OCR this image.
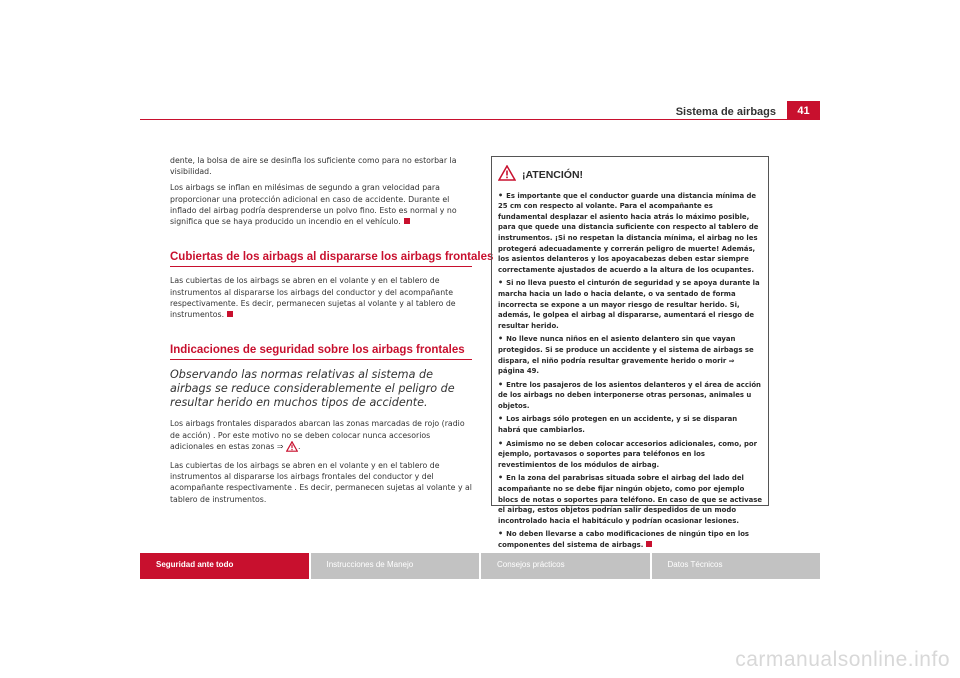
Sistema de airbags	41

dente, la bolsa de aire se desinfla los suficiente como para no estorbar la visibilidad.

Los airbags se inflan en milésimas de segundo a gran velocidad para proporcionar una protección adicional en caso de accidente. Durante el inflado del airbag podría desprenderse un polvo fino. Esto es normal y no significa que se haya producido un incendio en el vehículo.

Cubiertas de los airbags al dispararse los airbags frontales

Las cubiertas de los airbags se abren en el volante y en el tablero de instrumentos al dispararse los airbags del conductor y del acompañante respectivamente. Es decir, permanecen sujetas al volante y al tablero de instrumentos.

Indicaciones de seguridad sobre los airbags frontales
Observando las normas relativas al sistema de airbags se reduce considerablemente el peligro de resultar herido en muchos tipos de accidente.

Los airbags frontales disparados abarcan las zonas marcadas de rojo (radio de acción) . Por este motivo no se deben colocar nunca accesorios adicionales en estas zonas ⇒ .

Las cubiertas de los airbags se abren en el volante y en el tablero de instrumentos al dispararse los airbags frontales del conductor y del acompañante respectivamente . Es decir, permanecen sujetas al volante y al tablero de instrumentos.

¡ATENCIÓN!
• Es importante que el conductor guarde una distancia mínima de 25 cm con respecto al volante. Para el acompañante es fundamental desplazar el asiento hacia atrás lo máximo posible, para que quede una distancia suficiente con respecto al tablero de instrumentos. ¡Si no respetan la distancia mínima, el airbag no les protegerá adecuadamente y correrán peligro de muerte! Además, los asientos delanteros y los apoyacabezas deben estar siempre correctamente ajustados de acuerdo a la altura de los ocupantes.
• Si no lleva puesto el cinturón de seguridad y se apoya durante la marcha hacia un lado o hacia delante, o va sentado de forma incorrecta se expone a un mayor riesgo de resultar herido. Si, además, le golpea el airbag al dispararse, aumentará el riesgo de resultar herido.
• No lleve nunca niños en el asiento delantero sin que vayan protegidos. Si se produce un accidente y el sistema de airbags se dispara, el niño podría resultar gravemente herido o morir ⇒ página 49.
• Entre los pasajeros de los asientos delanteros y el área de acción de los airbags no deben interponerse otras personas, animales u objetos.
• Los airbags sólo protegen en un accidente, y si se disparan habrá que cambiarlos.
• Asimismo no se deben colocar accesorios adicionales, como, por ejemplo, portavasos o soportes para teléfonos en los revestimientos de los módulos de airbag.
• En la zona del parabrisas situada sobre el airbag del lado del acompañante no se debe fijar ningún objeto, como por ejemplo blocs de notas o soportes para teléfono. En caso de que se activase el airbag, estos objetos podrían salir despedidos de un modo incontrolado hacia el habitáculo y podrían ocasionar lesiones.
• No deben llevarse a cabo modificaciones de ningún tipo en los componentes del sistema de airbags.
Seguridad ante todo	Instrucciones de Manejo	Consejos prácticos	Datos Técnicos
carmanualsonline.info
